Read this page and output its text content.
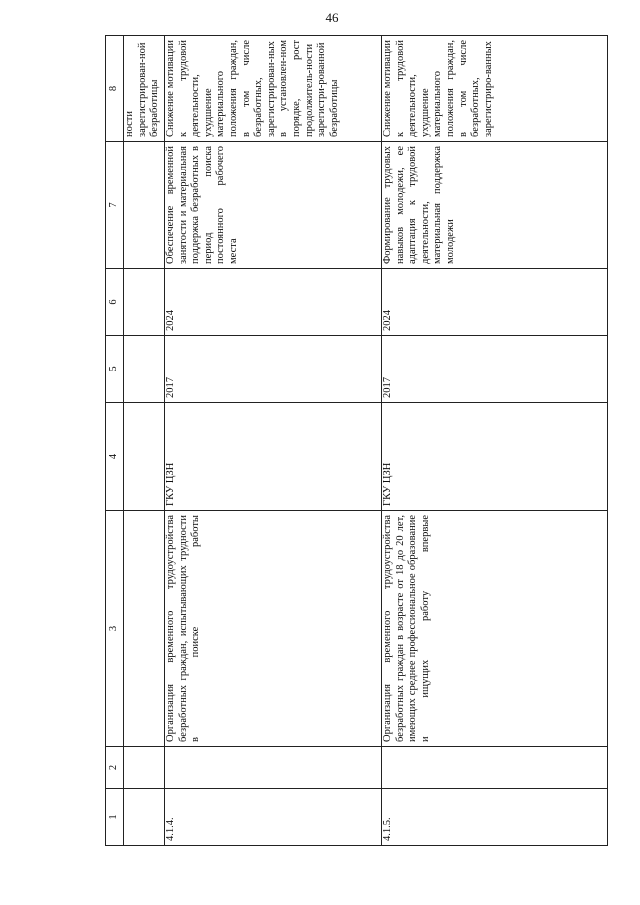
46
1	2	3	4	5	6	7	8
							ности зарегистрирован-ной безработицы
4.1.4.		Организация временного трудоустройства безработных граждан, испытывающих трудности в поиске работы	ГКУ ЦЗН	2017	2024	Обеспечение временной занятости и материальная поддержка безработных в период поиска постоянного рабочего места	Снижение мотивации к трудовой деятельности, ухудшение материального положения граждан, в том числе безработных, зарегистрирован-ных в установлен-ном порядке, рост продолжитель-ности зарегистри-рованной безработицы
4.1.5.		Организация временного трудоустройства безработных граждан в возрасте от 18 до 20 лет, имеющих среднее профессиональное образование и ищущих работу впервые	ГКУ ЦЗН	2017	2024	Формирование трудовых навыков молодежи, ее адаптация к трудовой деятельности, материальная поддержка молодежи	Снижение мотивации к трудовой деятельности, ухудшение материального положения граждан, в том числе безработных, зарегистриро-ванных
